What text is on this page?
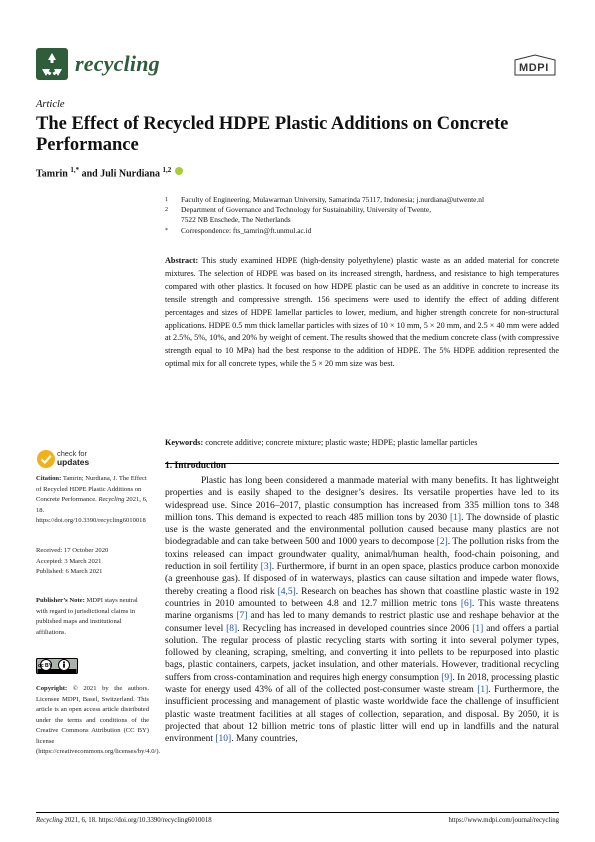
recycling	MDPI
Article
The Effect of Recycled HDPE Plastic Additions on Concrete Performance
Tamrin $^{1,*}$ and Juli Nurdiana $^{1,2}$
1 Faculty of Engineering, Mulawarman University, Samarinda 75117, Indonesia; j.nurdiana@utwente.nl
2 Department of Governance and Technology for Sustainability, University of Twente,
7522 NB Enschede, The Netherlands
* Correspondence: fts_tamrin@ft.unmul.ac.id
Abstract: This study examined HDPE (high-density polyethylene) plastic waste as an added material for concrete mixtures. The selection of HDPE was based on its increased strength, hardness, and resistance to high temperatures compared with other plastics. It focused on how HDPE plastic can be used as an additive in concrete to increase its tensile strength and compressive strength. 156 specimens were used to identify the effect of adding different percentages and sizes of HDPE lamellar particles to lower, medium, and higher strength concrete for non-structural applications. HDPE 0.5 mm thick lamellar particles with sizes of 10 × 10 mm, 5 × 20 mm, and 2.5 × 40 mm were added at 2.5%, 5%, 10%, and 20% by weight of cement. The results showed that the medium concrete class (with compressive strength equal to 10 MPa) had the best response to the addition of HDPE. The 5% HDPE addition represented the optimal mix for all concrete types, while the 5 × 20 mm size was best.
Keywords: concrete additive; concrete mixture; plastic waste; HDPE; plastic lamellar particles
check for
updates
Citation: Tamrin; Nurdiana, J. The Effect of Recycled HDPE Plastic Additions on Concrete Performance. Recycling 2021, 6, 18. https://doi.org/10.3390/recycling6010018
Received: 17 October 2020
Accepted: 3 March 2021
Published: 6 March 2021
Publisher’s Note: MDPI stays neutral with regard to jurisdictional claims in published maps and institutional affiliations.
cc BY
Copyright: © 2021 by the authors. Licensee MDPI, Basel, Switzerland. This article is an open access article distributed under the terms and conditions of the Creative Commons Attribution (CC BY) license (https://creativecommons.org/licenses/by/4.0/).
1. Introduction
Plastic has long been considered a manmade material with many benefits. It has lightweight properties and is easily shaped to the designer’s desires. Its versatile properties have led to its widespread use. Since 2016–2017, plastic consumption has increased from 335 million tons to 348 million tons. This demand is expected to reach 485 million tons by 2030 [1]. The downside of plastic use is the waste generated and the environmental pollution caused because many plastics are not biodegradable and can take between 500 and 1000 years to decompose [2]. The pollution risks from the toxins released can impact groundwater quality, animal/human health, food-chain poisoning, and reduction in soil fertility [3]. Furthermore, if burnt in an open space, plastics produce carbon monoxide (a greenhouse gas). If disposed of in waterways, plastics can cause siltation and impede water flows, thereby creating a flood risk [4,5]. Research on beaches has shown that coastline plastic waste in 192 countries in 2010 amounted to between 4.8 and 12.7 million metric tons [6]. This waste threatens marine organisms [7] and has led to many demands to restrict plastic use and reshape behavior at the consumer level [8]. Recycling has increased in developed countries since 2006 [1] and offers a partial solution. The regular process of plastic recycling starts with sorting it into several polymer types, followed by cleaning, scraping, smelting, and converting it into pellets to be repurposed into plastic bags, plastic containers, carpets, jacket insulation, and other materials. However, traditional recycling suffers from cross-contamination and requires high energy consumption [9]. In 2018, processing plastic waste for energy used 43% of all of the collected post-consumer waste stream [1]. Furthermore, the insufficient processing and management of plastic waste worldwide face the challenge of insufficient plastic waste treatment facilities at all stages of collection, separation, and disposal. By 2050, it is projected that about 12 billion metric tons of plastic litter will end up in landfills and the natural environment [10]. Many countries,
Recycling 2021, 6, 18. https://doi.org/10.3390/recycling6010018	https://www.mdpi.com/journal/recycling
